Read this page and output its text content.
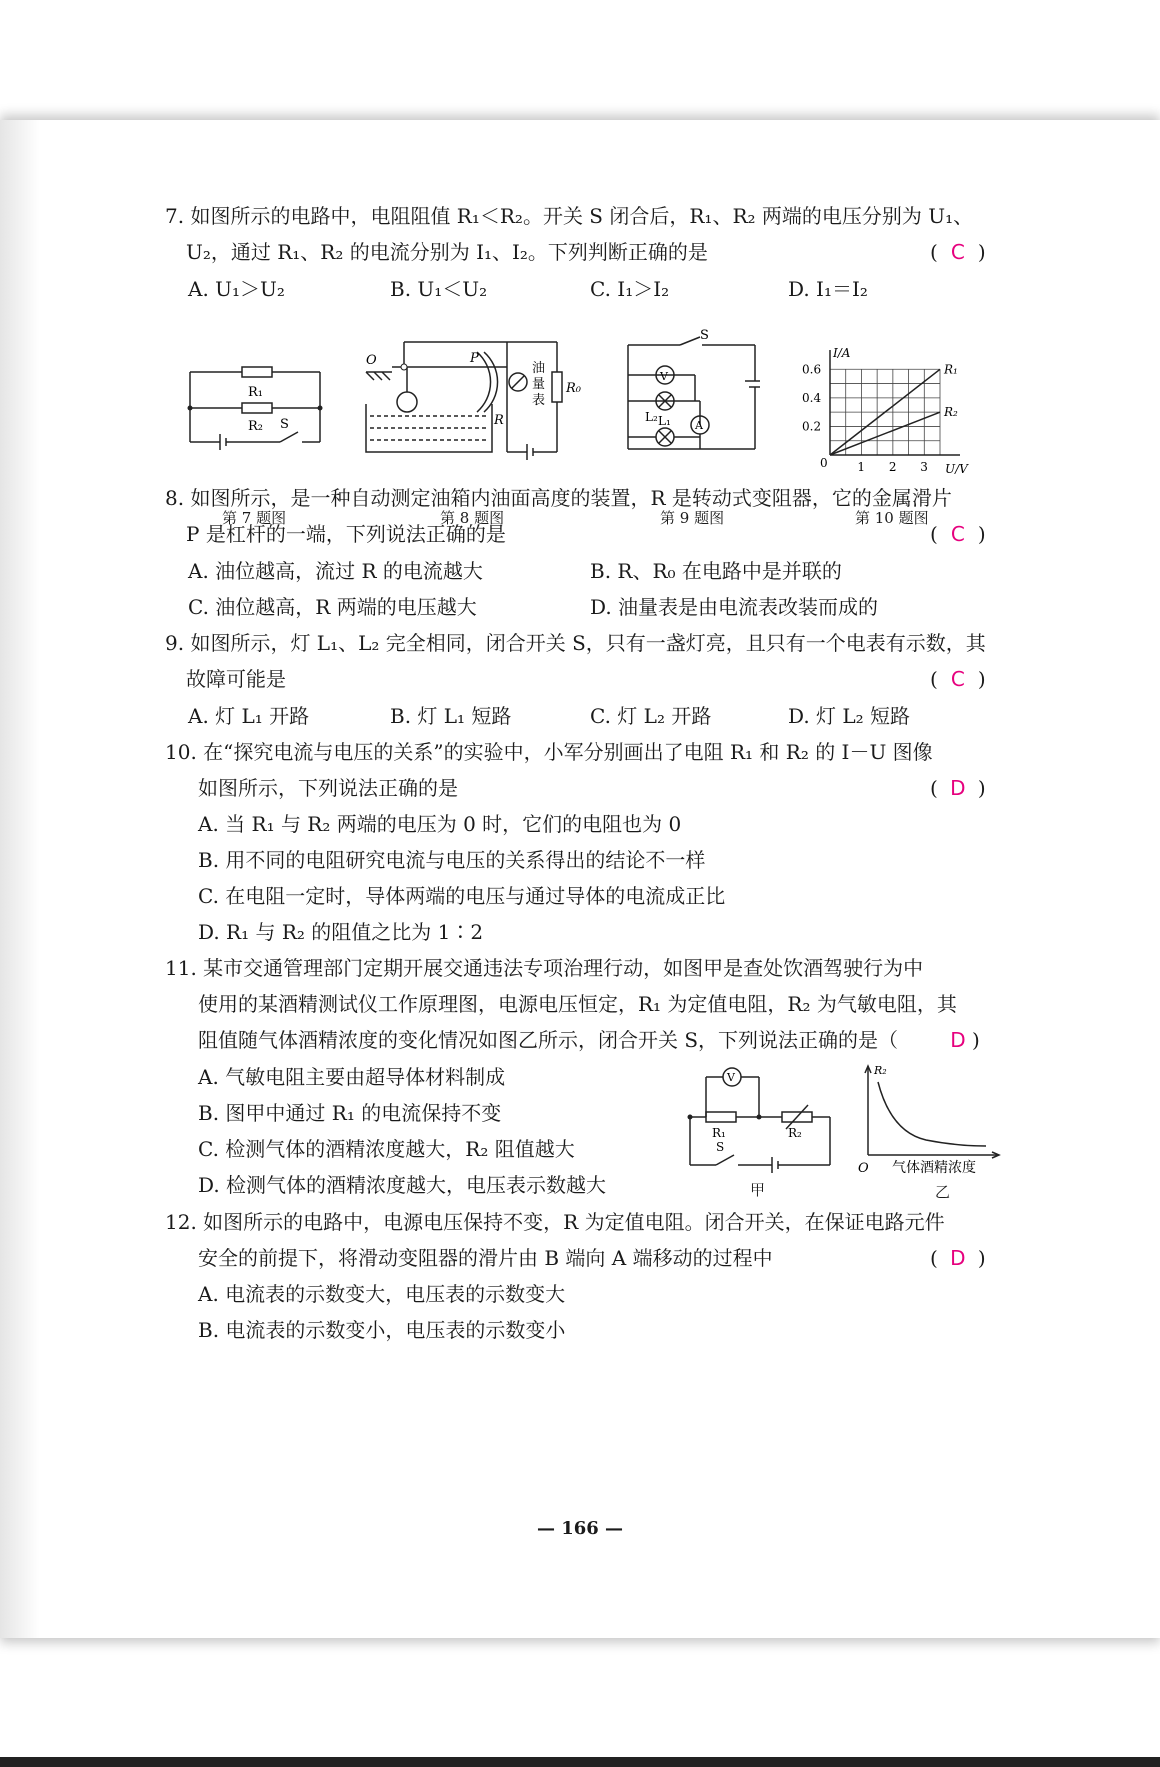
7. 如图所示的电路中，电阻阻值 R₁＜R₂。开关 S 闭合后，R₁、R₂ 两端的电压分别为 U₁、
U₂，通过 R₁、R₂ 的电流分别为 I₁、I₂。下列判断正确的是	( C )
A. U₁＞U₂	B. U₁＜U₂	C. I₁＞I₂	D. I₁＝I₂
R₁
R₂ S
第 7 题图
O	P
R
R₀
油
量
表
第 8 题图
S
V
L₂ L₁ A
第 9 题图
I/A
U/V
0 1 2 3
0.2
0.4
0.6	R₁
R₂
第 10 题图
8. 如图所示，是一种自动测定油箱内油面高度的装置，R 是转动式变阻器，它的金属滑片
P 是杠杆的一端，下列说法正确的是	( C )
A. 油位越高，流过 R 的电流越大	B. R、R₀ 在电路中是并联的
C. 油位越高，R 两端的电压越大	D. 油量表是由电流表改装而成的
9. 如图所示，灯 L₁、L₂ 完全相同，闭合开关 S，只有一盏灯亮，且只有一个电表有示数，其
故障可能是	( C )
A. 灯 L₁ 开路	B. 灯 L₁ 短路	C. 灯 L₂ 开路	D. 灯 L₂ 短路
10. 在“探究电流与电压的关系”的实验中，小军分别画出了电阻 R₁ 和 R₂ 的 I－U 图像
如图所示，下列说法正确的是	( D )
A. 当 R₁ 与 R₂ 两端的电压为 0 时，它们的电阻也为 0
B. 用不同的电阻研究电流与电压的关系得出的结论不一样
C. 在电阻一定时，导体两端的电压与通过导体的电流成正比
D. R₁ 与 R₂ 的阻值之比为 1∶2
11. 某市交通管理部门定期开展交通违法专项治理行动，如图甲是查处饮酒驾驶行为中
使用的某酒精测试仪工作原理图，电源电压恒定，R₁ 为定值电阻，R₂ 为气敏电阻，其
阻值随气体酒精浓度的变化情况如图乙所示，闭合开关 S，下列说法正确的是（	D )
A. 气敏电阻主要由超导体材料制成
B. 图甲中通过 R₁ 的电流保持不变
C. 检测气体的酒精浓度越大，R₂ 阻值越大
D. 检测气体的酒精浓度越大，电压表示数越大
V
R₁	R₂
S
甲
R₂
O 气体酒精浓度
乙
12. 如图所示的电路中，电源电压保持不变，R 为定值电阻。闭合开关，在保证电路元件
安全的前提下，将滑动变阻器的滑片由 B 端向 A 端移动的过程中	( D )
A. 电流表的示数变大，电压表的示数变大
B. 电流表的示数变小，电压表的示数变小
— 166 —
